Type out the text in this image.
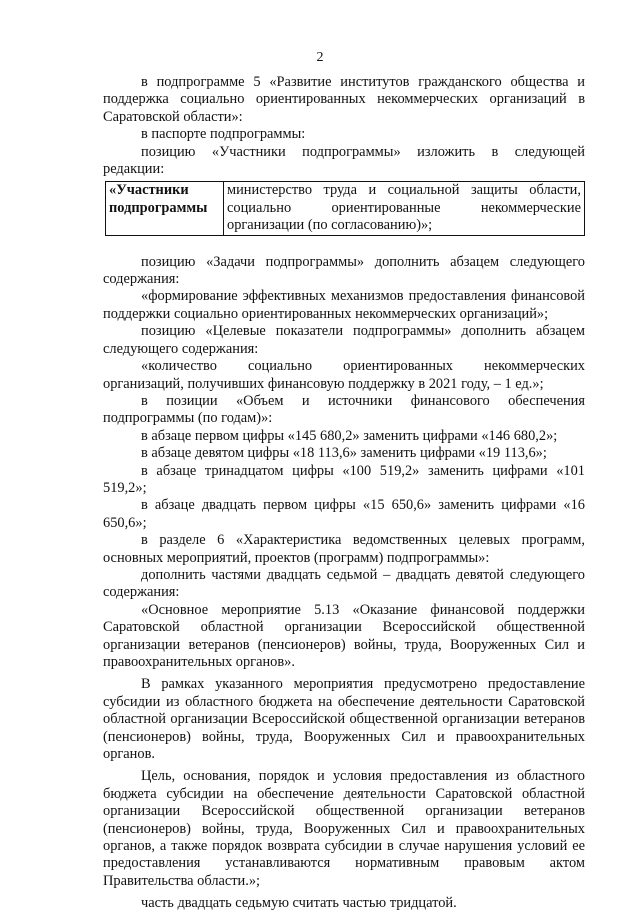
2

в подпрограмме 5 «Развитие институтов гражданского общества и поддержка социально ориентированных некоммерческих организаций в Саратовской области»:

в паспорте подпрограммы:

позицию «Участники подпрограммы» изложить в следующей редакции:

«Участники подпрограммы	министерство труда и социальной защиты области, социально ориентированные некоммерческие организации (по согласованию)»;

позицию «Задачи подпрограммы» дополнить абзацем следующего содержания:

«формирование эффективных механизмов предоставления финансовой поддержки социально ориентированных некоммерческих организаций»;

позицию «Целевые показатели подпрограммы» дополнить абзацем следующего содержания:

«количество социально ориентированных некоммерческих организаций, получивших финансовую поддержку в 2021 году, – 1 ед.»;

в позиции «Объем и источники финансового обеспечения подпрограммы (по годам)»:

в абзаце первом цифры «145 680,2» заменить цифрами «146 680,2»;

в абзаце девятом цифры «18 113,6» заменить цифрами «19 113,6»;

в абзаце тринадцатом цифры «100 519,2» заменить цифрами «101 519,2»;

в абзаце двадцать первом цифры «15 650,6» заменить цифрами «16 650,6»;

в разделе 6 «Характеристика ведомственных целевых программ, основных мероприятий, проектов (программ) подпрограммы»:

дополнить частями двадцать седьмой – двадцать девятой следующего содержания:

«Основное мероприятие 5.13 «Оказание финансовой поддержки Саратовской областной организации Всероссийской общественной организации ветеранов (пенсионеров) войны, труда, Вооруженных Сил и правоохранительных органов».

В рамках указанного мероприятия предусмотрено предоставление субсидии из областного бюджета на обеспечение деятельности Саратовской областной организации Всероссийской общественной организации ветеранов (пенсионеров) войны, труда, Вооруженных Сил и правоохранительных органов.

Цель, основания, порядок и условия предоставления из областного бюджета субсидии на обеспечение деятельности Саратовской областной организации Всероссийской общественной организации ветеранов (пенсионеров) войны, труда, Вооруженных Сил и правоохранительных органов, а также порядок возврата субсидии в случае нарушения условий ее предоставления устанавливаются нормативным правовым актом Правительства области.»;

часть двадцать седьмую считать частью тридцатой.
